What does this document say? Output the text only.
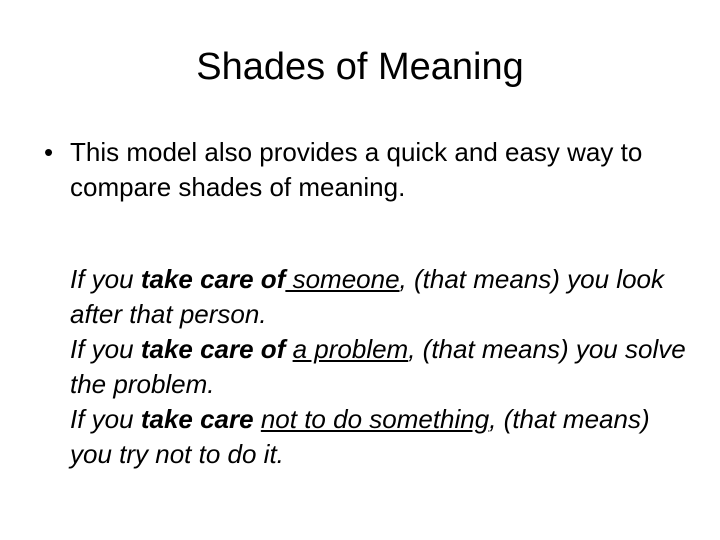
Shades of Meaning
• This model also provides a quick and easy way to compare shades of meaning.
If you take care of someone, (that means) you look after that person.
If you take care of a problem, (that means) you solve the problem.
If you take care not to do something, (that means) you try not to do it.
